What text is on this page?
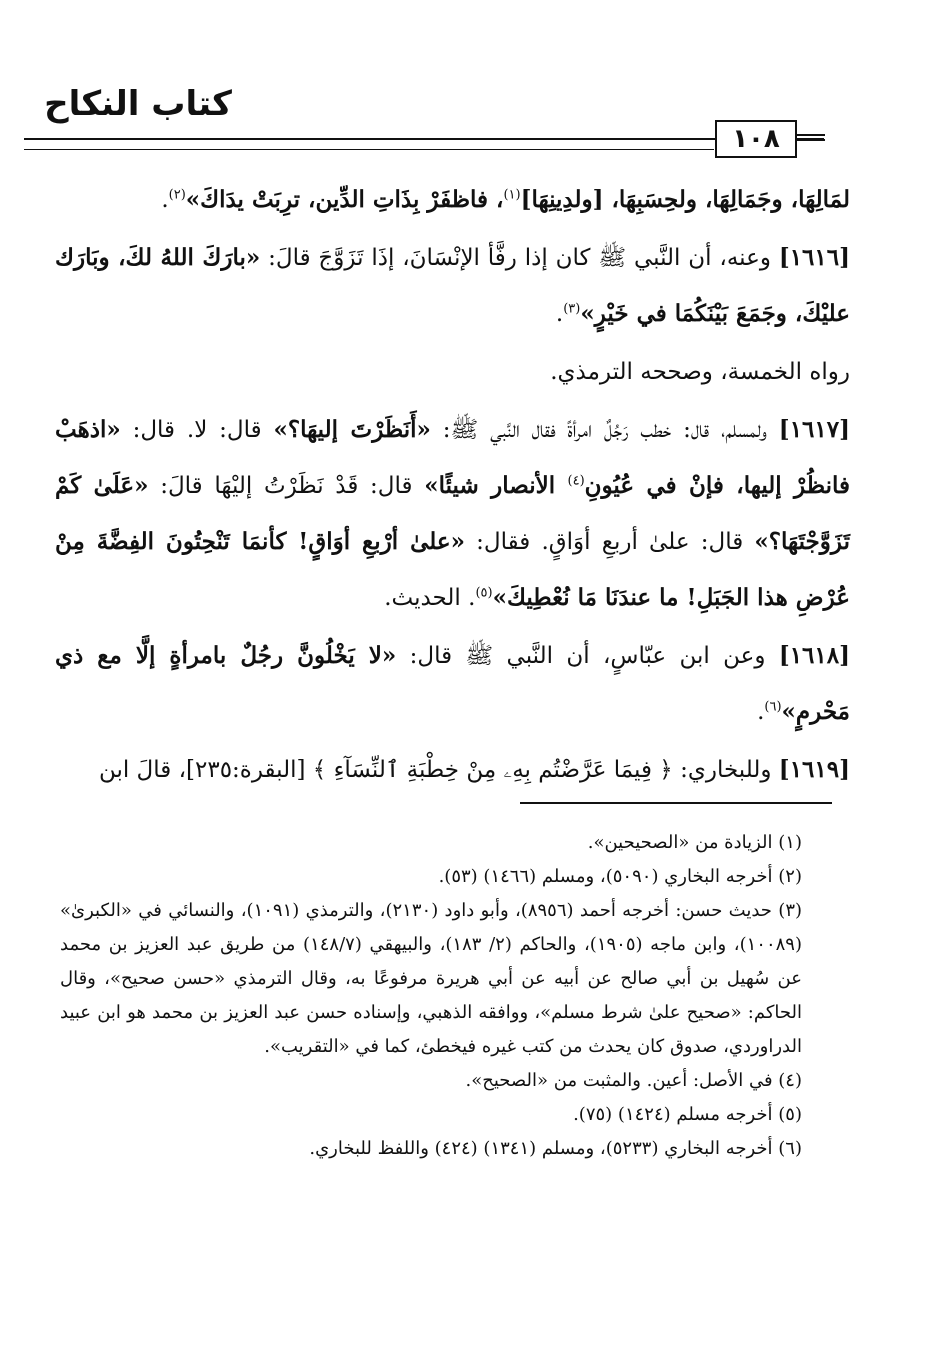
كتاب النكاح
١٠٨

لمَالِهَا، وجَمَالِهَا، ولحِسَبِهَا، [ولدِينِهَا]$^{(١)}$، فاظفَرْ بِذَاتِ الدِّين، ترِبَتْ يدَاكَ»$^{(٢)}$.

[١٦١٦] وعنه، أن النَّبي ﷺ كان إذا رفَّأ الإنْسَانَ، إذَا تَزَوَّجَ قالَ: «بارَكَ اللهُ لكَ، وبَارَك عليْكَ، وجَمَعَ بَيْنَكُمَا في خَيْرٍ»$^{(٣)}$.

رواه الخمسة، وصححه الترمذي.

[١٦١٧] ولمسلم، قال: خطب رَجُلٌ امرأةً فقال النَّبي ﷺ: «أَنَظَرْتَ إليهَا؟» قال: لا. قال: «اذهَبْ فانظُرْ إليها، فإنْ في عُيُونِ$^{(٤)}$ الأنصار شيئًا» قال: قَدْ نَظَرْتُ إليْهَا قالَ: «عَلَىٰ كَمْ تَزَوَّجْتَهَا؟» قال: علىٰ أربعِ أوَاقٍ. فقال: «علىٰ أرْبعِ أوَاقٍ! كأنمَا تَنْحِتُونَ الفِضَّةَ مِنْ عُرْضِ هذا الجَبَلِ! ما عندَنَا مَا نُعْطِيكَ»$^{(٥)}$. الحديث.

[١٦١٨] وعن ابن عبّاسٍ، أن النَّبي ﷺ قال: «لا يَخْلُونَّ رجُلٌ بامرأةٍ إلَّا مع ذي مَحْرمٍ»$^{(٦)}$.

[١٦١٩] وللبخاري: ﴿ فِيمَا عَرَّضْتُم بِهِۦ مِنْ خِطْبَةِ ٱلنِّسَآءِ ﴾ [البقرة:٢٣٥]، قالَ ابن

(١) الزيادة من «الصحيحين».

(٢) أخرجه البخاري (٥٠٩٠)، ومسلم (١٤٦٦) (٥٣).

(٣) حديث حسن: أخرجه أحمد (٨٩٥٦)، وأبو داود (٢١٣٠)، والترمذي (١٠٩١)، والنسائي في «الكبرىٰ» (١٠٠٨٩)، وابن ماجه (١٩٠٥)، والحاكم (٢/ ١٨٣)، والبيهقي (١٤٨/٧) من طريق عبد العزيز بن محمد عن سُهيل بن أبي صالح عن أبيه عن أبي هريرة مرفوعًا به، وقال الترمذي «حسن صحيح»، وقال الحاكم: «صحيح علىٰ شرط مسلم»، ووافقه الذهبي، وإسناده حسن عبد العزيز بن محمد هو ابن عبيد الدراوردي، صدوق كان يحدث من كتب غيره فيخطئ، كما في «التقريب».

(٤) في الأصل: أعين. والمثبت من «الصحيح».

(٥) أخرجه مسلم (١٤٢٤) (٧٥).

(٦) أخرجه البخاري (٥٢٣٣)، ومسلم (١٣٤١) (٤٢٤) واللفظ للبخاري.
